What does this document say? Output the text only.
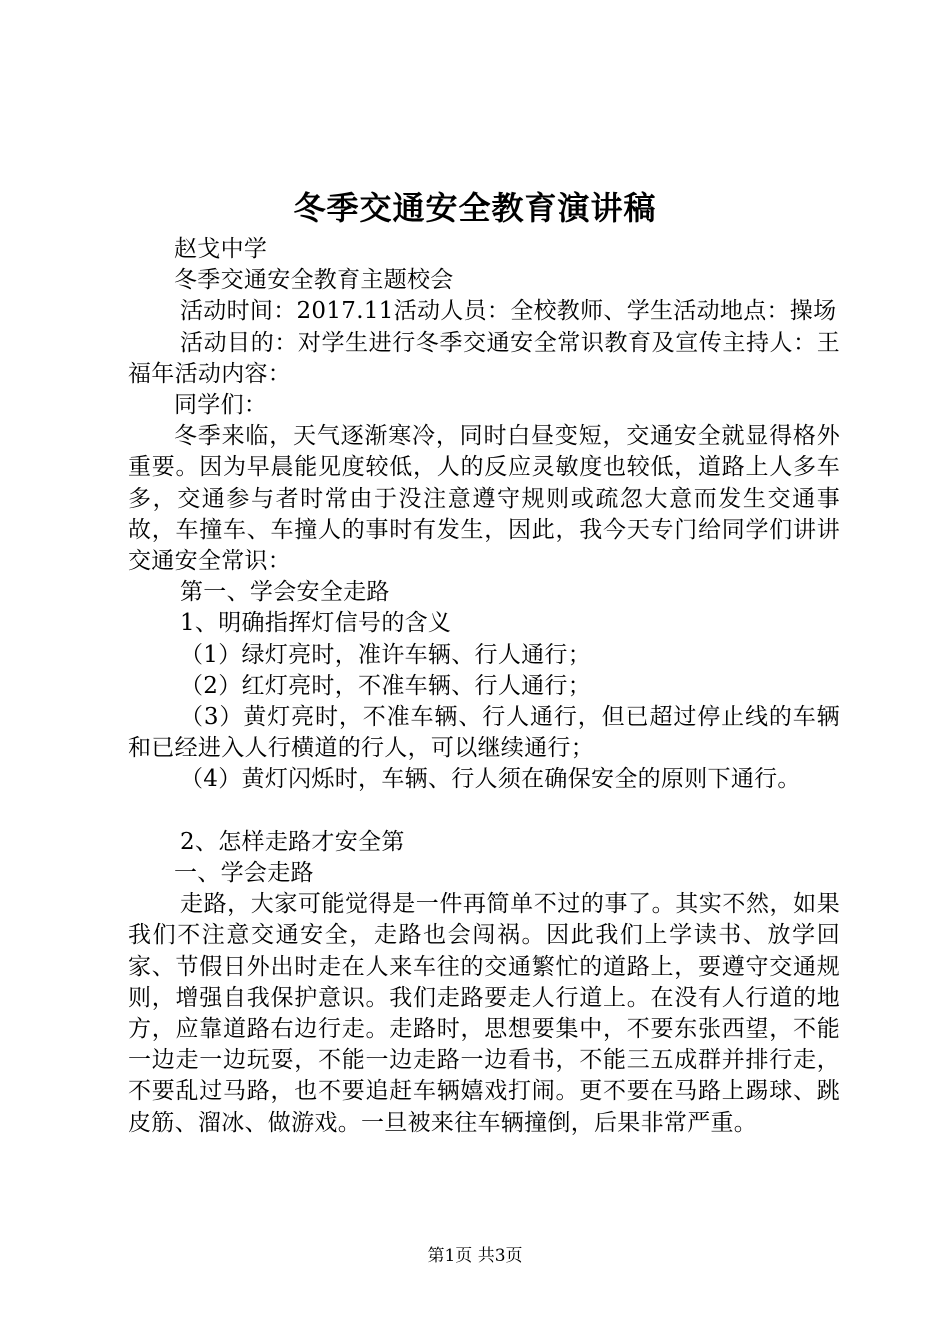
冬季交通安全教育演讲稿

赵戈中学

冬季交通安全教育主题校会

活动时间：2017.11活动人员：全校教师、学生活动地点：操场

活动目的：对学生进行冬季交通安全常识教育及宣传主持人：王福年活动内容：

同学们：

冬季来临，天气逐渐寒冷，同时白昼变短，交通安全就显得格外重要。因为早晨能见度较低，人的反应灵敏度也较低，道路上人多车多，交通参与者时常由于没注意遵守规则或疏忽大意而发生交通事故，车撞车、车撞人的事时有发生，因此，我今天专门给同学们讲讲交通安全常识：

第一、学会安全走路

1、明确指挥灯信号的含义

（1）绿灯亮时，准许车辆、行人通行；

（2）红灯亮时，不准车辆、行人通行；

（3）黄灯亮时，不准车辆、行人通行，但已超过停止线的车辆和已经进入人行横道的行人，可以继续通行；

（4）黄灯闪烁时，车辆、行人须在确保安全的原则下通行。

2、怎样走路才安全第

一、学会走路

走路，大家可能觉得是一件再简单不过的事了。其实不然，如果我们不注意交通安全，走路也会闯祸。因此我们上学读书、放学回家、节假日外出时走在人来车往的交通繁忙的道路上，要遵守交通规则，增强自我保护意识。我们走路要走人行道上。在没有人行道的地方，应靠道路右边行走。走路时，思想要集中，不要东张西望，不能一边走一边玩耍，不能一边走路一边看书，不能三五成群并排行走，不要乱过马路，也不要追赶车辆嬉戏打闹。更不要在马路上踢球、跳皮筋、溜冰、做游戏。一旦被来往车辆撞倒，后果非常严重。

第1页 共3页
